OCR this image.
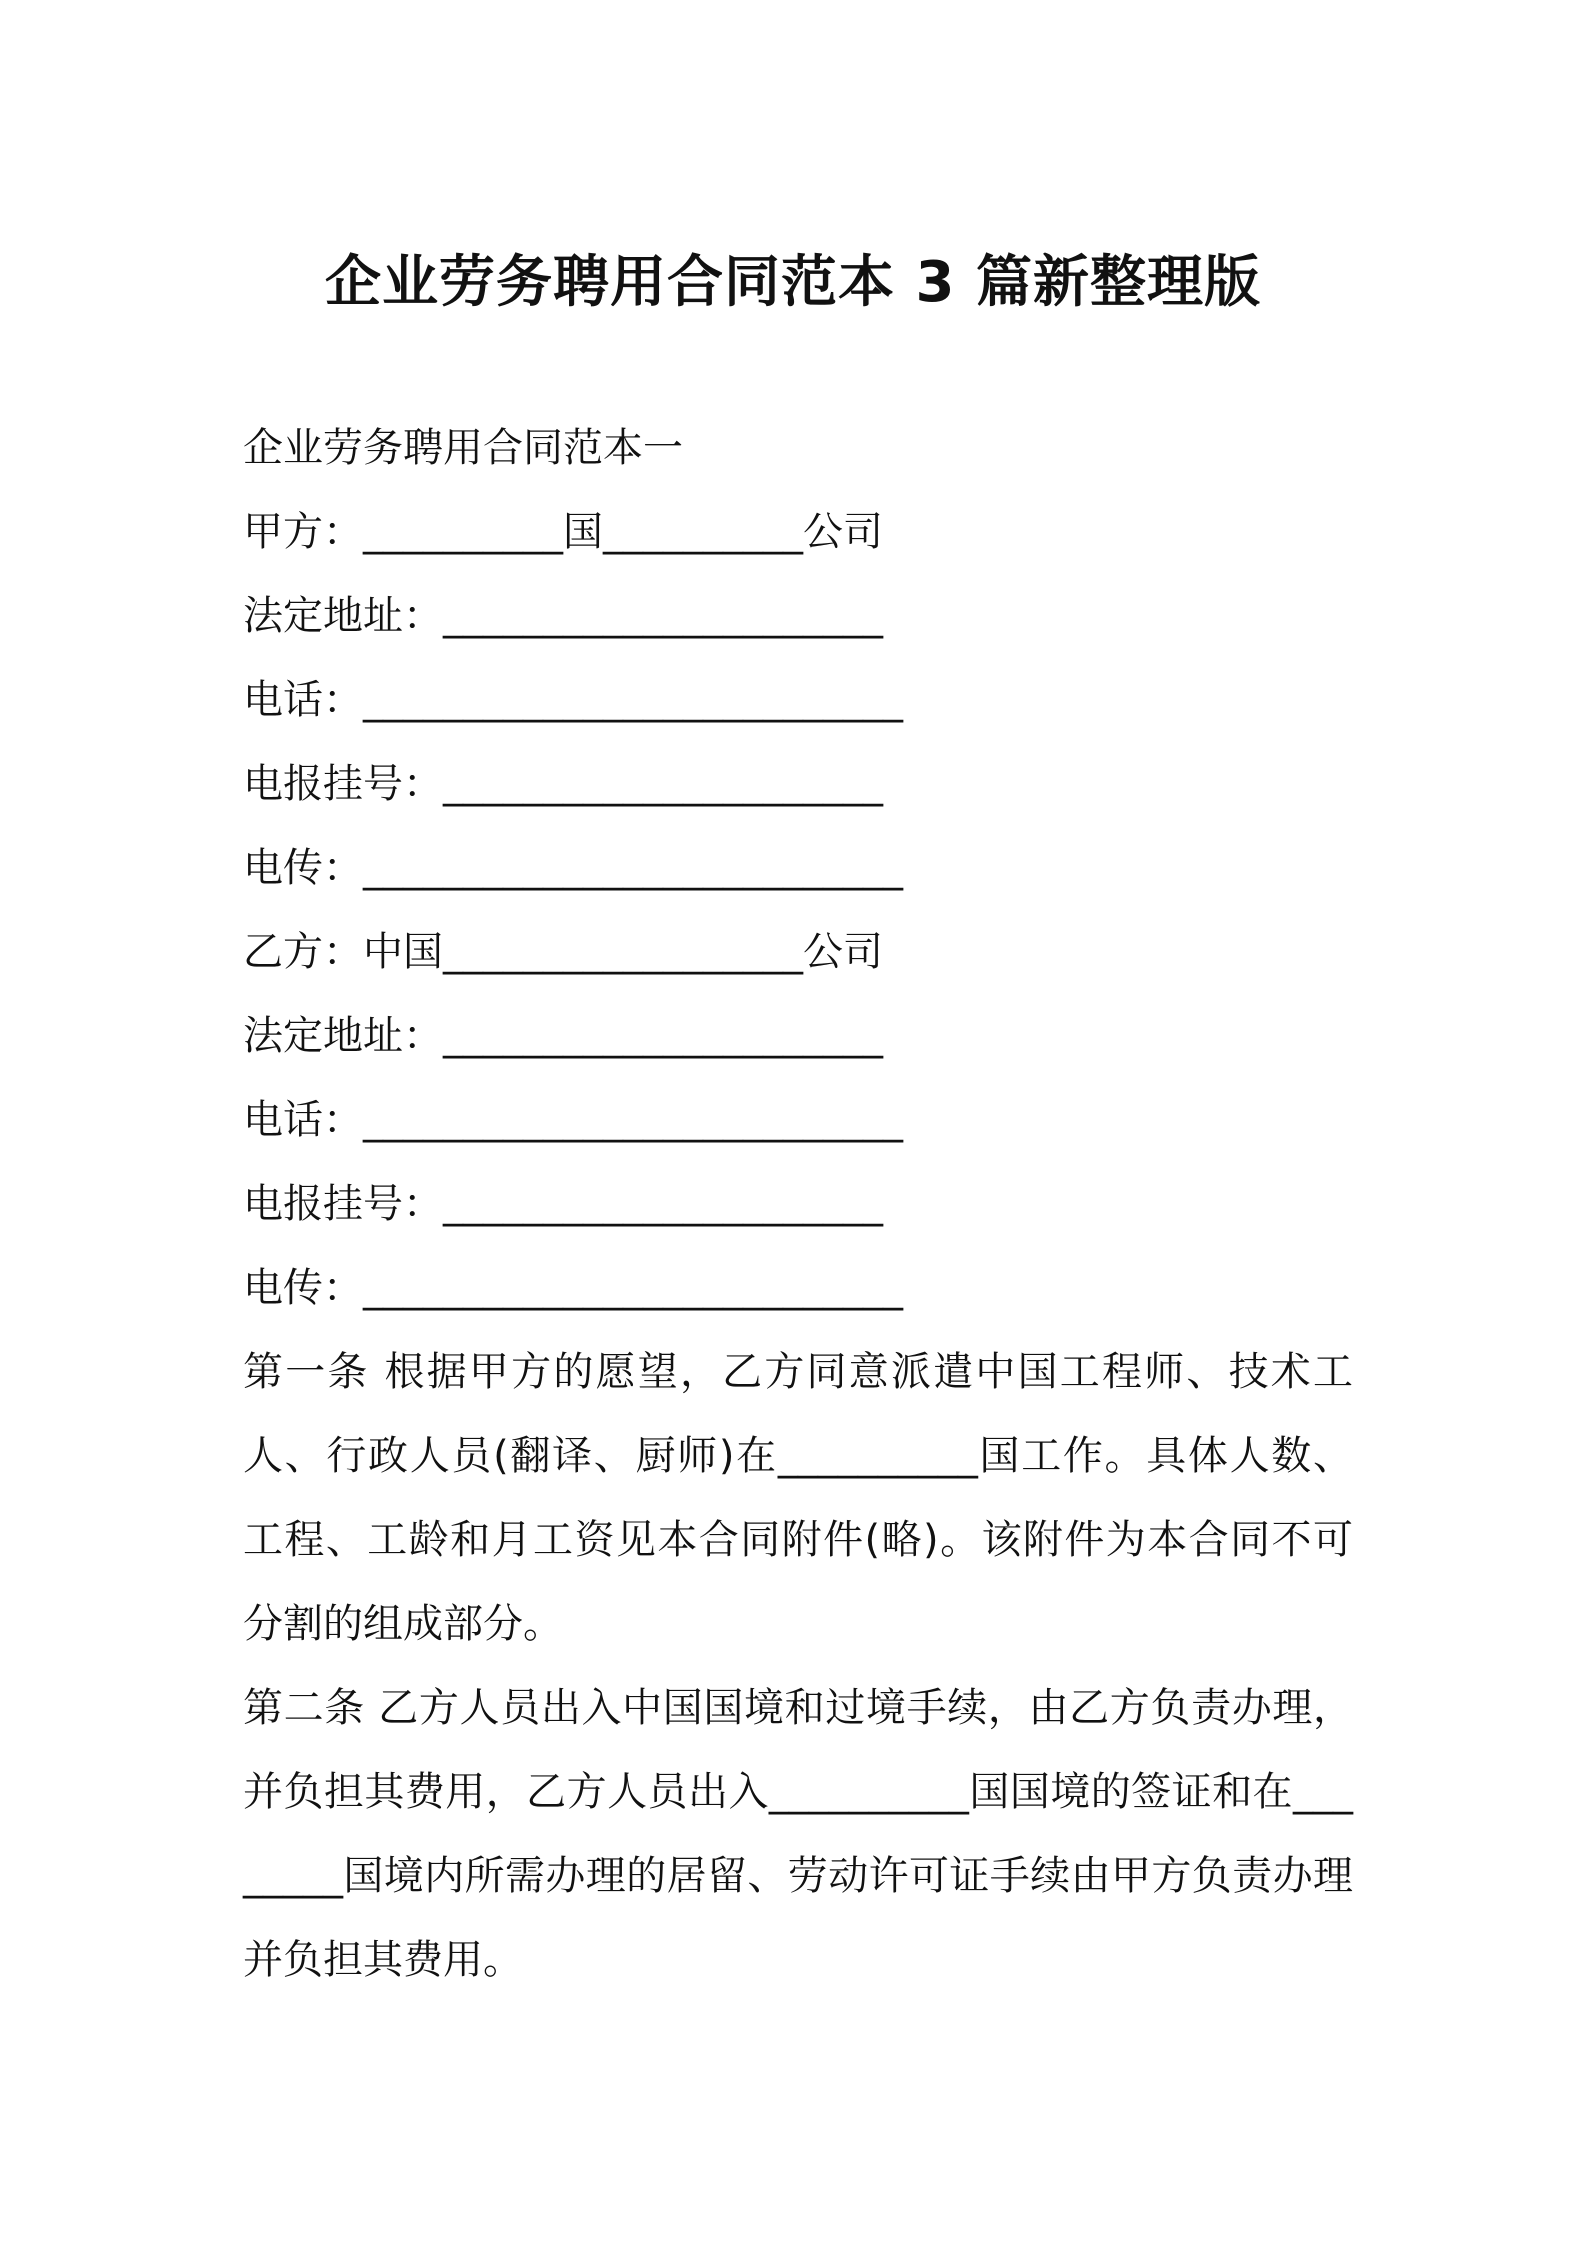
企业劳务聘用合同范本 3 篇新整理版
企业劳务聘用合同范本一
甲方：__________国__________公司
法定地址：______________________
电话：___________________________
电报挂号：______________________
电传：___________________________
乙方：中国__________________公司
法定地址：______________________
电话：___________________________
电报挂号：______________________
电传：___________________________
第一条 根据甲方的愿望，乙方同意派遣中国工程师、技术工人、行政人员(翻译、厨师)在__________国工作。具体人数、工程、工龄和月工资见本合同附件(略)。该附件为本合同不可分割的组成部分。
第二条 乙方人员出入中国国境和过境手续，由乙方负责办理，并负担其费用，乙方人员出入__________国国境的签证和在________国境内所需办理的居留、劳动许可证手续由甲方负责办理并负担其费用。
